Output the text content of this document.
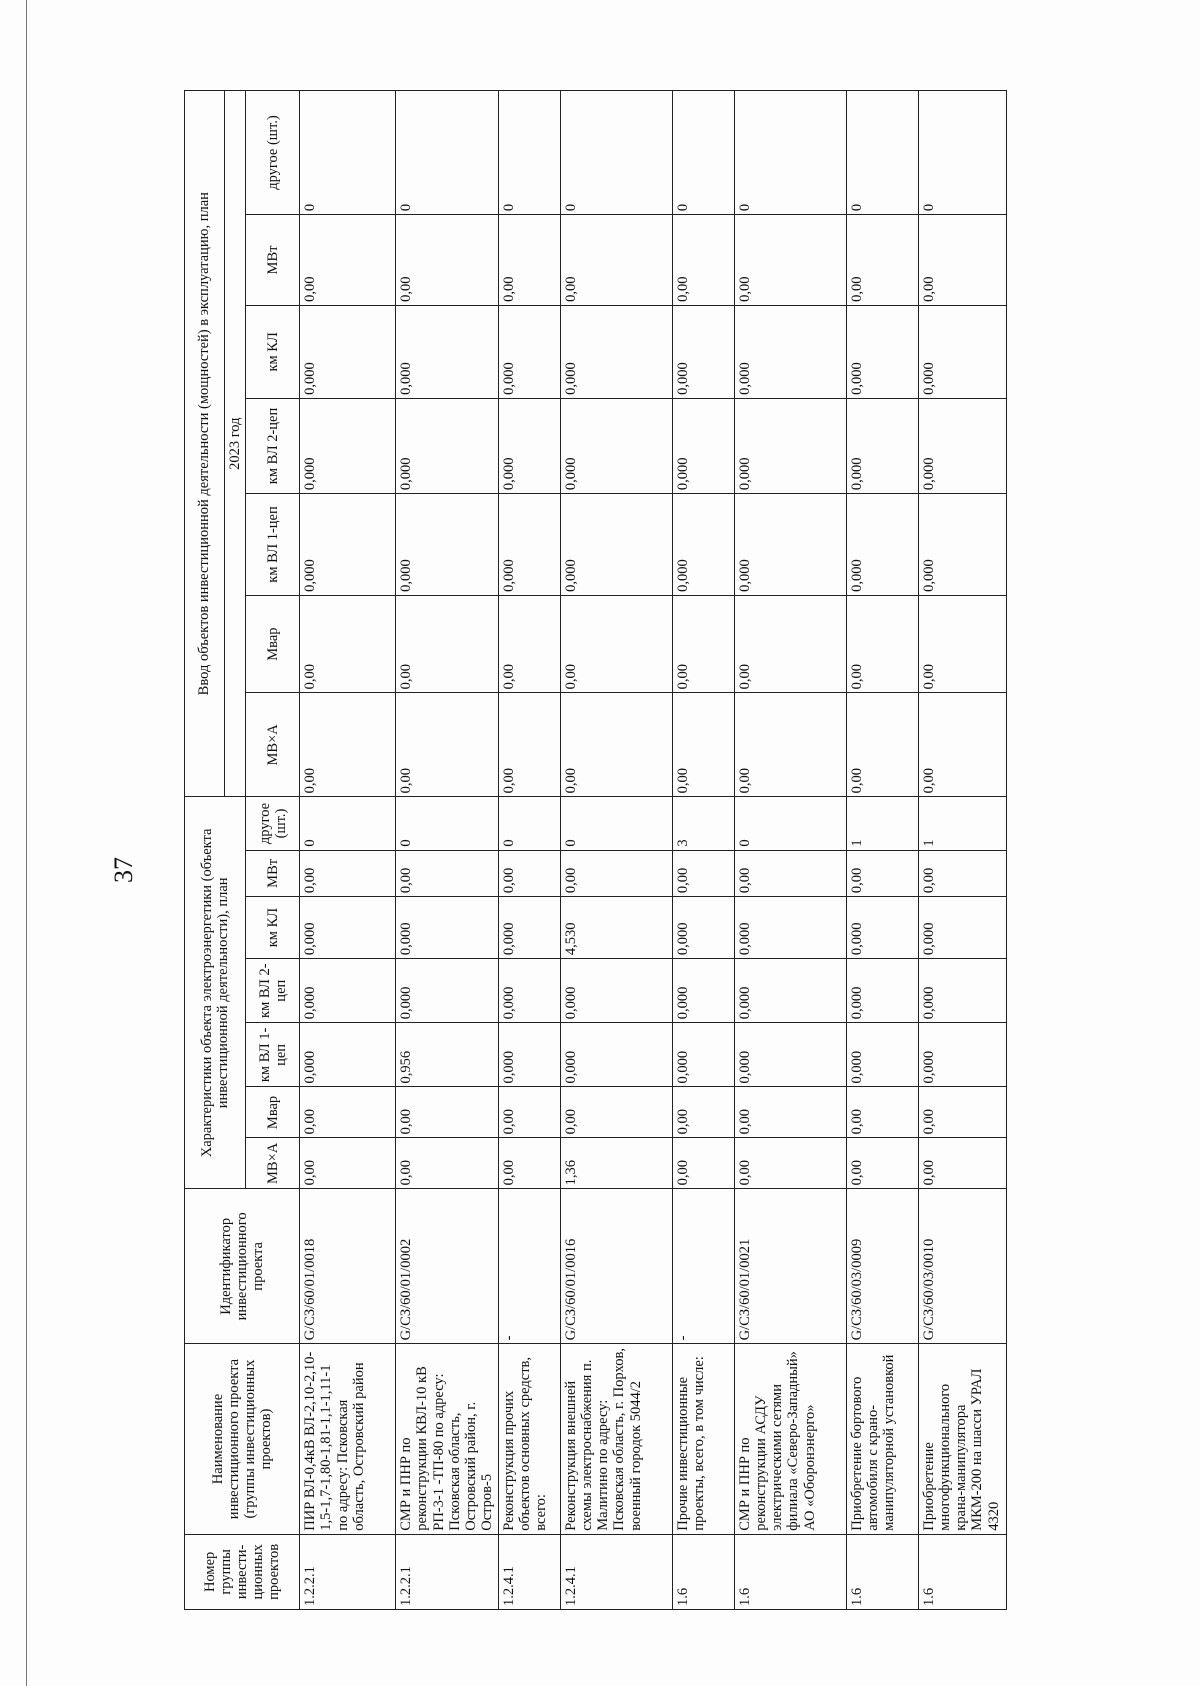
37
Номер группы инвести-ционных проектов	Наименование инвестиционного проекта (группы инвестиционных проектов)	Идентификатор инвестиционного проекта	Характеристики объекта электроэнергетики (объекта инвестиционной деятельности), план							Ввод объектов инвестиционной деятельности (мощностей) в эксплуатацию, план						
										2023 год						
			МВ×А	Мвар	км ВЛ 1-цеп	км ВЛ 2-цеп	км КЛ	МВт	другое (шт.)	МВ×А	Мвар	км ВЛ 1-цеп	км ВЛ 2-цеп	км КЛ	МВт	другое (шт.)
1.2.2.1	ПИР ВЛ-0,4кВ ВЛ-2,10-2,10-1,5-1,7-1,80-1,81-1,1-1,11-1 по адресу: Псковская область, Островский район	G/СЗ/60/01/0018	0,00	0,00	0,000	0,000	0,000	0,00	0	0,00	0,00	0,000	0,000	0,000	0,00	0
1.2.2.1	СМР и ПНР по реконструкции КВЛ-10 кВ РП-3-1 -ТП-80 по адресу: Псковская область, Островский район, г. Остров-5	G/СЗ/60/01/0002	0,00	0,00	0,956	0,000	0,000	0,00	0	0,00	0,00	0,000	0,000	0,000	0,00	0
1.2.4.1	Реконструкция прочих объектов основных средств, всего:	-	0,00	0,00	0,000	0,000	0,000	0,00	0	0,00	0,00	0,000	0,000	0,000	0,00	0
1.2.4.1	Реконструкция внешней схемы электроснабжения п. Малитино по адресу: Псковская область, г. Порхов, военный городок 5044/2	G/СЗ/60/01/0016	1,36	0,00	0,000	0,000	4,530	0,00	0	0,00	0,00	0,000	0,000	0,000	0,00	0
1.6	Прочие инвестиционные проекты, всего, в том числе:	-	0,00	0,00	0,000	0,000	0,000	0,00	3	0,00	0,00	0,000	0,000	0,000	0,00	0
1.6	СМР и ПНР по реконструкции АСДУ электрическими сетями филиала «Северо-Западный» АО «Оборонэнерго»	G/СЗ/60/01/0021	0,00	0,00	0,000	0,000	0,000	0,00	0	0,00	0,00	0,000	0,000	0,000	0,00	0
1.6	Приобретение бортового автомобиля с крано-манипуляторной установкой	G/СЗ/60/03/0009	0,00	0,00	0,000	0,000	0,000	0,00	1	0,00	0,00	0,000	0,000	0,000	0,00	0
1.6	Приобретение многофункционального крана-манипулятора МКМ-200 на шасси УРАЛ 4320	G/СЗ/60/03/0010	0,00	0,00	0,000	0,000	0,000	0,00	1	0,00	0,00	0,000	0,000	0,000	0,00	0
